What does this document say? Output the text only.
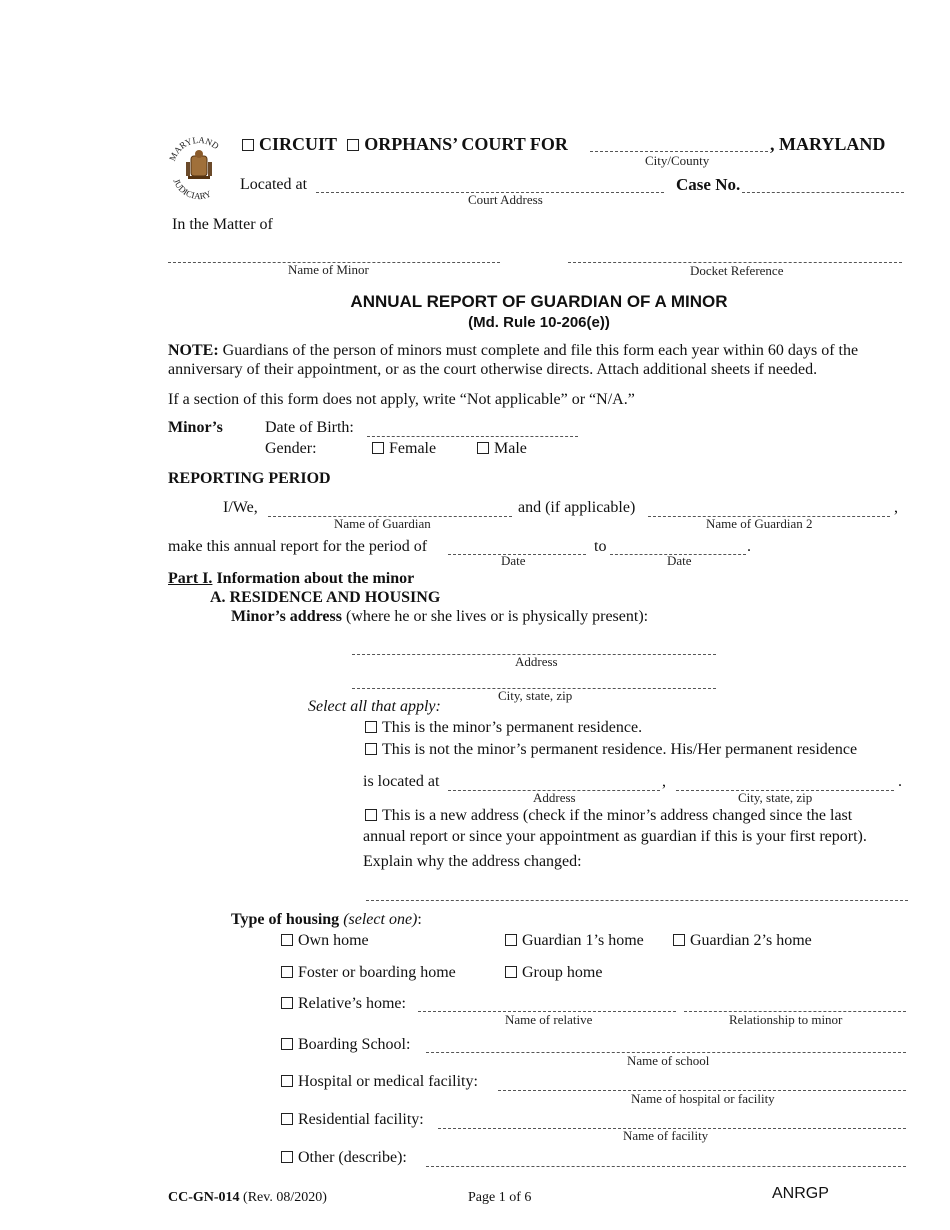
MARYLAND
JUDICIARY
CIRCUIT ORPHANS’ COURT FOR	, MARYLAND
City/County
Located at
Court Address
Case No.
In the Matter of
Name of Minor	Docket Reference
ANNUAL REPORT OF GUARDIAN OF A MINOR
(Md. Rule 10-206(e))
NOTE: Guardians of the person of minors must complete and file this form each year within 60 days of the
anniversary of their appointment, or as the court otherwise directs. Attach additional sheets if needed.
If a section of this form does not apply, write “Not applicable” or “N/A.”
Minor’s	Date of Birth:
Gender:	Female	Male
REPORTING PERIOD
I/We,
Name of Guardian
and (if applicable)
Name of Guardian 2
,
make this annual report for the period of
Date
to
Date
.
Part I. Information about the minor
A. RESIDENCE AND HOUSING
Minor’s address (where he or she lives or is physically present):
Address
City, state, zip
Select all that apply:
This is the minor’s permanent residence.
This is not the minor’s permanent residence. His/Her permanent residence
is located at
Address
,
City, state, zip
.
This is a new address (check if the minor’s address changed since the last
annual report or since your appointment as guardian if this is your first report).
Explain why the address changed:
Type of housing (select one):
Own home	Guardian 1’s home	Guardian 2’s home
Foster or boarding home	Group home
Relative’s home:
Name of relative	Relationship to minor
Boarding School:
Name of school
Hospital or medical facility:
Name of hospital or facility
Residential facility:
Name of facility
Other (describe):
CC-GN-014 (Rev. 08/2020)	Page 1 of 6	ANRGP
